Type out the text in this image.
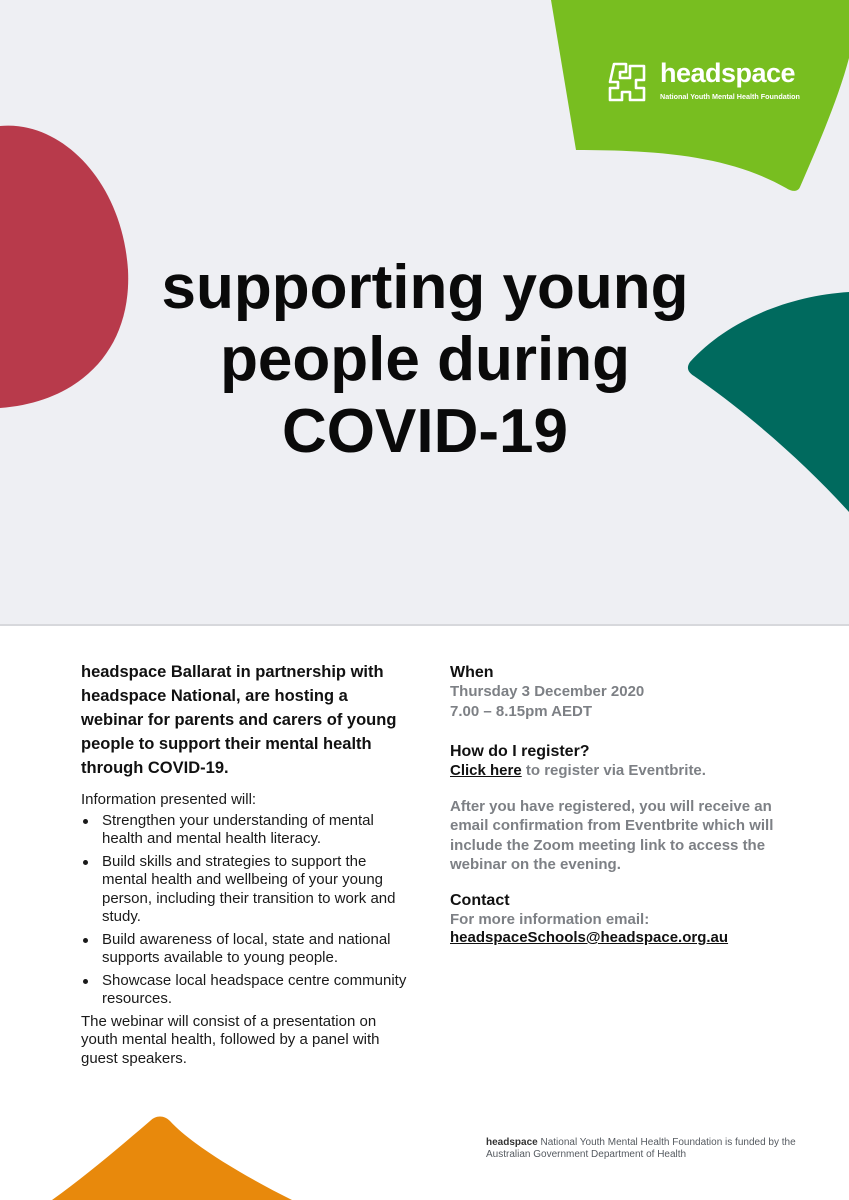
headspace
National Youth Mental Health Foundation
supporting young
people during
COVID-19

headspace Ballarat in partnership with headspace National, are hosting a webinar for parents and carers of young people to support their mental health through COVID-19.

Information presented will:

Strengthen your understanding of mental health and mental health literacy.
Build skills and strategies to support the mental health and wellbeing of your young person, including their transition to work and study.
Build awareness of local, state and national supports available to young people.
Showcase local headspace centre community resources.

The webinar will consist of a presentation on youth mental health, followed by a panel with guest speakers.

When

Thursday 3 December 2020

7.00 – 8.15pm AEDT

How do I register?

Click here to register via Eventbrite.

After you have registered, you will receive an email confirmation from Eventbrite which will include the Zoom meeting link to access the webinar on the evening.

Contact

For more information email:

headspaceSchools@headspace.org.au
headspace National Youth Mental Health Foundation is funded by the Australian Government Department of Health
